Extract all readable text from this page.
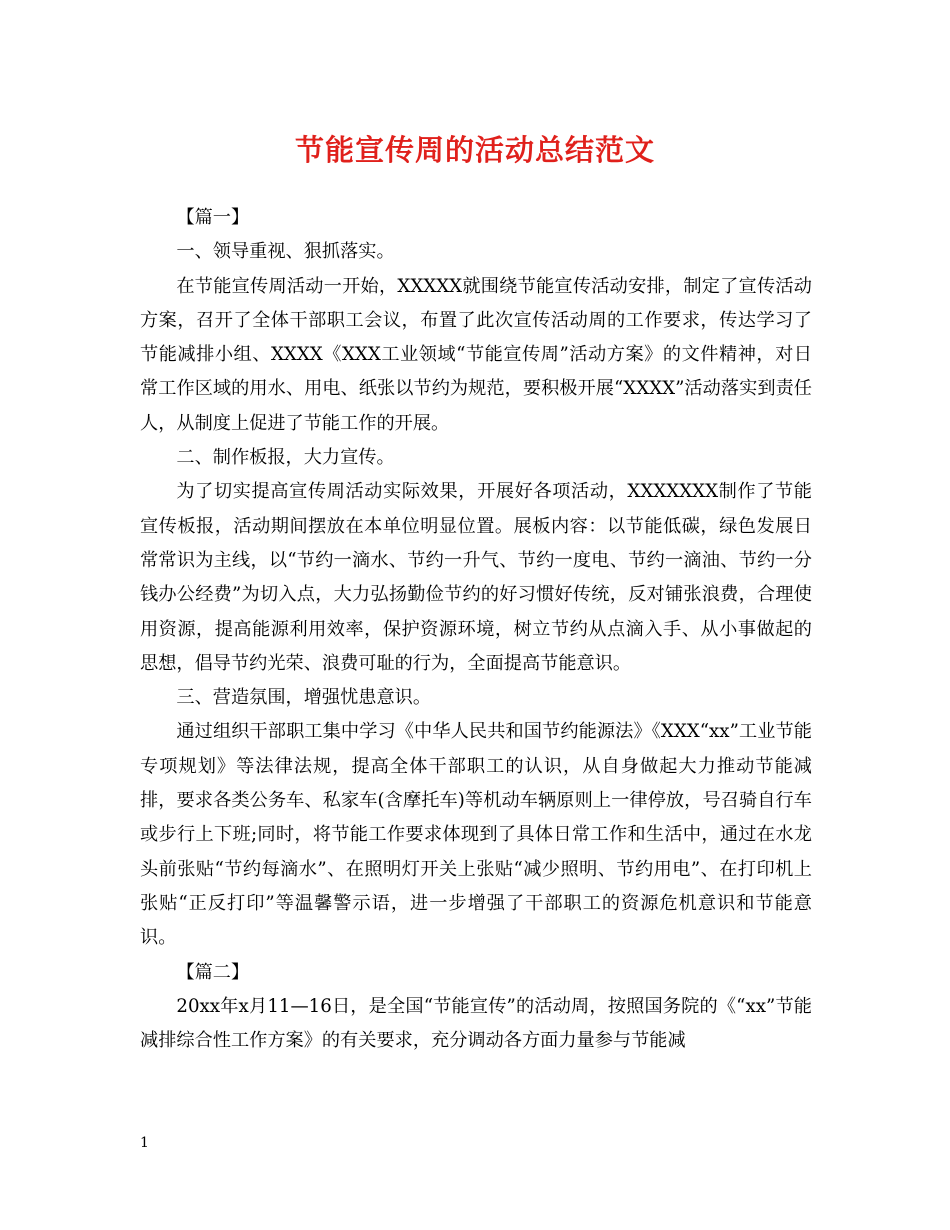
节能宣传周的活动总结范文

【篇一】

一、领导重视、狠抓落实。

在节能宣传周活动一开始，XXXXX就围绕节能宣传活动安排，制定了宣传活动方案，召开了全体干部职工会议，布置了此次宣传活动周的工作要求，传达学习了节能减排小组、XXXX《XXX工业领域“节能宣传周”活动方案》的文件精神，对日常工作区域的用水、用电、纸张以节约为规范，要积极开展“XXXX”活动落实到责任人，从制度上促进了节能工作的开展。

二、制作板报，大力宣传。

为了切实提高宣传周活动实际效果，开展好各项活动，XXXXXXX制作了节能宣传板报，活动期间摆放在本单位明显位置。展板内容：以节能低碳，绿色发展日常常识为主线，以“节约一滴水、节约一升气、节约一度电、节约一滴油、节约一分钱办公经费”为切入点，大力弘扬勤俭节约的好习惯好传统，反对铺张浪费，合理使用资源，提高能源利用效率，保护资源环境，树立节约从点滴入手、从小事做起的思想，倡导节约光荣、浪费可耻的行为，全面提高节能意识。

三、营造氛围，增强忧患意识。

通过组织干部职工集中学习《中华人民共和国节约能源法》《XXX“xx”工业节能专项规划》等法律法规，提高全体干部职工的认识，从自身做起大力推动节能减排，要求各类公务车、私家车(含摩托车)等机动车辆原则上一律停放，号召骑自行车或步行上下班;同时，将节能工作要求体现到了具体日常工作和生活中，通过在水龙头前张贴“节约每滴水”、在照明灯开关上张贴“减少照明、节约用电”、在打印机上张贴“正反打印”等温馨警示语，进一步增强了干部职工的资源危机意识和节能意识。

【篇二】

20xx年x月11—16日，是全国“节能宣传”的活动周，按照国务院的《“xx”节能减排综合性工作方案》的有关要求，充分调动各方面力量参与节能减

1
